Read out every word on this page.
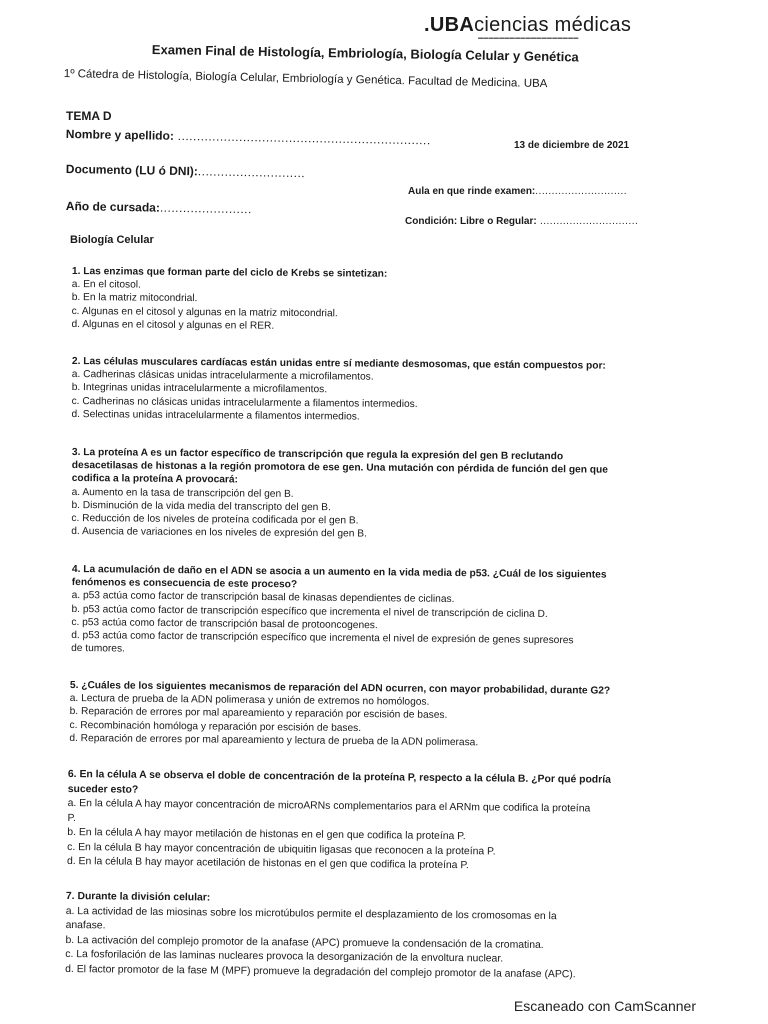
.UBAciencias médicas
▬▬▬▬▬▬▬▬▬▬▬▬▬▬▬▬▬▬▬
Examen Final de Histología, Embriología, Biología Celular y Genética
1º Cátedra de Histología, Biología Celular, Embriología y Genética. Facultad de Medicina. UBA
TEMA D
Nombre y apellido: ..................................................................	13 de diciembre de 2021
Documento (LU ó DNI):............................
Aula en que rinde examen:............................
Año de cursada:........................
Condición: Libre o Regular: ..............................
Biología Celular
1. Las enzimas que forman parte del ciclo de Krebs se sintetizan:
a. En el citosol.
b. En la matriz mitocondrial.
c. Algunas en el citosol y algunas en la matriz mitocondrial.
d. Algunas en el citosol y algunas en el RER.
2. Las células musculares cardíacas están unidas entre sí mediante desmosomas, que están compuestos por:
a. Cadherinas clásicas unidas intracelularmente a microfilamentos.
b. Integrinas unidas intracelularmente a microfilamentos.
c. Cadherinas no clásicas unidas intracelularmente a filamentos intermedios.
d. Selectinas unidas intracelularmente a filamentos intermedios.
3. La proteína A es un factor específico de transcripción que regula la expresión del gen B reclutando
desacetilasas de histonas a la región promotora de ese gen. Una mutación con pérdida de función del gen que
codifica a la proteína A provocará:
a. Aumento en la tasa de transcripción del gen B.
b. Disminución de la vida media del transcripto del gen B.
c. Reducción de los niveles de proteína codificada por el gen B.
d. Ausencia de variaciones en los niveles de expresión del gen B.
4. La acumulación de daño en el ADN se asocia a un aumento en la vida media de p53. ¿Cuál de los siguientes
fenómenos es consecuencia de este proceso?
a. p53 actúa como factor de transcripción basal de kinasas dependientes de ciclinas.
b. p53 actúa como factor de transcripción específico que incrementa el nivel de transcripción de ciclina D.
c. p53 actúa como factor de transcripción basal de protooncogenes.
d. p53 actúa como factor de transcripción específico que incrementa el nivel de expresión de genes supresores
de tumores.
5. ¿Cuáles de los siguientes mecanismos de reparación del ADN ocurren, con mayor probabilidad, durante G2?
a. Lectura de prueba de la ADN polimerasa y unión de extremos no homólogos.
b. Reparación de errores por mal apareamiento y reparación por escisión de bases.
c. Recombinación homóloga y reparación por escisión de bases.
d. Reparación de errores por mal apareamiento y lectura de prueba de la ADN polimerasa.
6. En la célula A se observa el doble de concentración de la proteína P, respecto a la célula B. ¿Por qué podría
suceder esto?
a. En la célula A hay mayor concentración de microARNs complementarios para el ARNm que codifica la proteína
P.
b. En la célula A hay mayor metilación de histonas en el gen que codifica la proteína P.
c. En la célula B hay mayor concentración de ubiquitin ligasas que reconocen a la proteína P.
d. En la célula B hay mayor acetilación de histonas en el gen que codifica la proteína P.
7. Durante la división celular:
a. La actividad de las miosinas sobre los microtúbulos permite el desplazamiento de los cromosomas en la
anafase.
b. La activación del complejo promotor de la anafase (APC) promueve la condensación de la cromatina.
c. La fosforilación de las laminas nucleares provoca la desorganización de la envoltura nuclear.
d. El factor promotor de la fase M (MPF) promueve la degradación del complejo promotor de la anafase (APC).
Escaneado con CamScanner
